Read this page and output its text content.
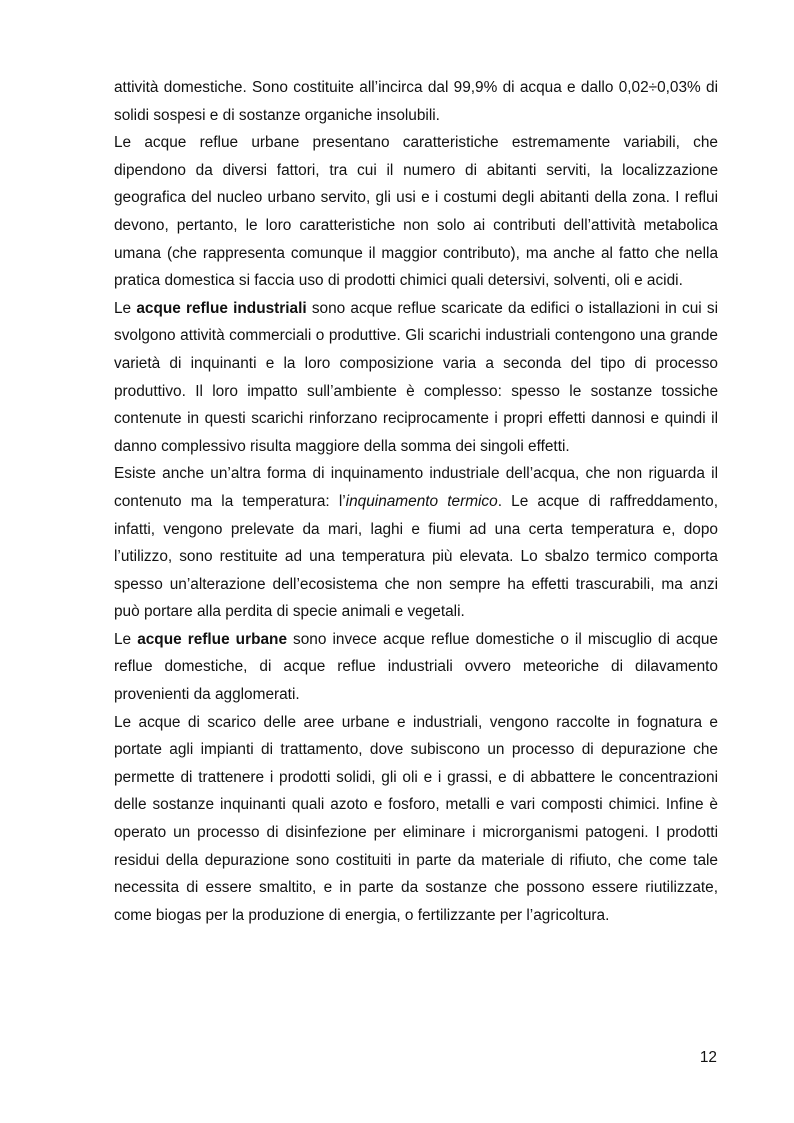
attività domestiche. Sono costituite all’incirca dal 99,9% di acqua e dallo 0,02÷0,03% di solidi sospesi e di sostanze organiche insolubili.

Le acque reflue urbane presentano caratteristiche estremamente variabili, che dipendono da diversi fattori, tra cui il numero di abitanti serviti, la localizzazione geografica del nucleo urbano servito, gli usi e i costumi degli abitanti della zona. I reflui devono, pertanto, le loro caratteristiche non solo ai contributi dell’attività metabolica umana (che rappresenta comunque il maggior contributo), ma anche al fatto che nella pratica domestica si faccia uso di prodotti chimici quali detersivi, solventi, oli e acidi.

Le acque reflue industriali sono acque reflue scaricate da edifici o istallazioni in cui si svolgono attività commerciali o produttive. Gli scarichi industriali contengono una grande varietà di inquinanti e la loro composizione varia a seconda del tipo di processo produttivo. Il loro impatto sull’ambiente è complesso: spesso le sostanze tossiche contenute in questi scarichi rinforzano reciprocamente i propri effetti dannosi e quindi il danno complessivo risulta maggiore della somma dei singoli effetti.

Esiste anche un’altra forma di inquinamento industriale dell’acqua, che non riguarda il contenuto ma la temperatura: l’inquinamento termico. Le acque di raffreddamento, infatti, vengono prelevate da mari, laghi e fiumi ad una certa temperatura e, dopo l’utilizzo, sono restituite ad una temperatura più elevata. Lo sbalzo termico comporta spesso un’alterazione dell’ecosistema che non sempre ha effetti trascurabili, ma anzi può portare alla perdita di specie animali e vegetali.

Le acque reflue urbane sono invece acque reflue domestiche o il miscuglio di acque reflue domestiche, di acque reflue industriali ovvero meteoriche di dilavamento provenienti da agglomerati.

Le acque di scarico delle aree urbane e industriali, vengono raccolte in fognatura e portate agli impianti di trattamento, dove subiscono un processo di depurazione che permette di trattenere i prodotti solidi, gli oli e i grassi, e di abbattere le concentrazioni delle sostanze inquinanti quali azoto e fosforo, metalli e vari composti chimici. Infine è operato un processo di disinfezione per eliminare i microrganismi patogeni. I prodotti residui della depurazione sono costituiti in parte da materiale di rifiuto, che come tale necessita di essere smaltito, e in parte da sostanze che possono essere riutilizzate, come biogas per la produzione di energia, o fertilizzante per l’agricoltura.

12
